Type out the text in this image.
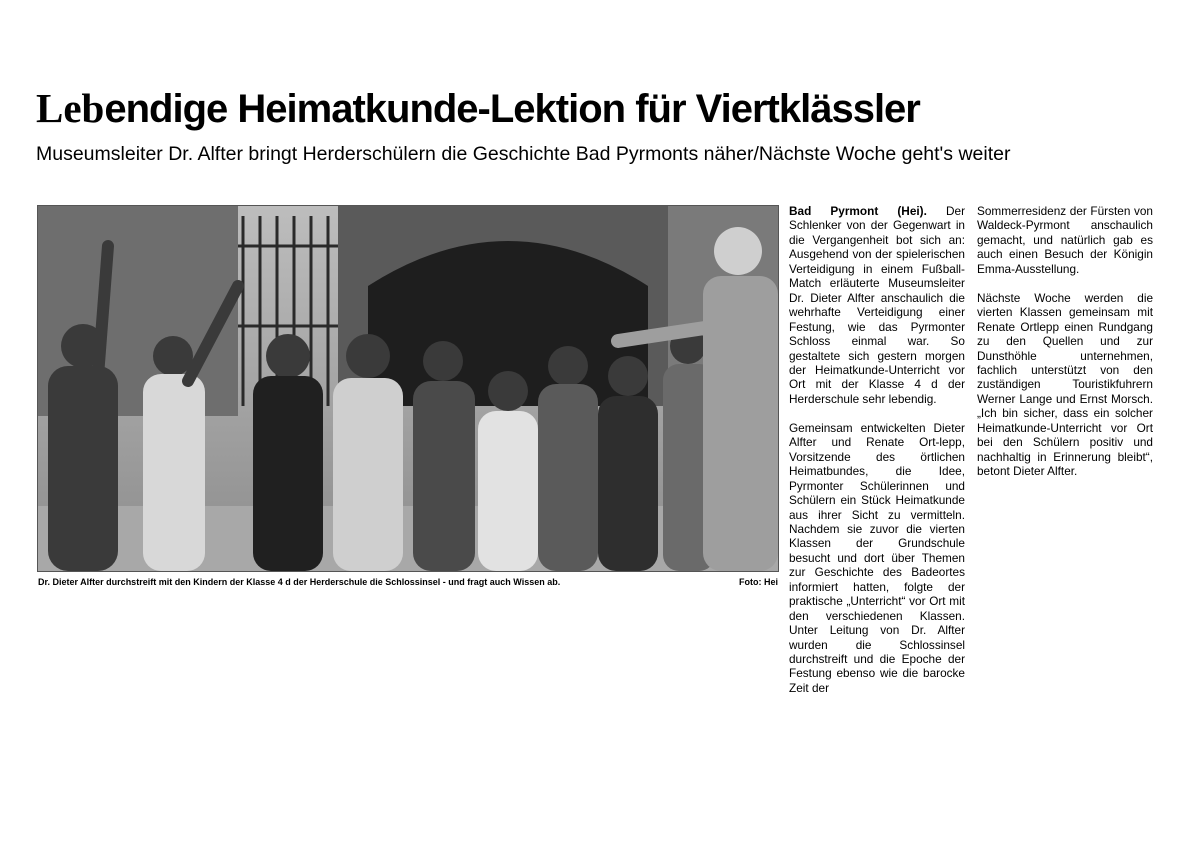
Lebendige Heimatkunde-Lektion für Viertklässler

Museumsleiter Dr. Alfter bringt Herderschülern die Geschichte Bad Pyrmonts näher/Nächste Woche geht's weiter

Dr. Dieter Alfter durchstreift mit den Kindern der Klasse 4 d der Herderschule die Schlossinsel - und fragt auch Wissen ab.	Foto: Hei

Bad Pyrmont (Hei). Der Schlenker von der Gegenwart in die Vergangenheit bot sich an: Ausgehend von der spielerischen Verteidigung in einem Fußball-Match erläuterte Museumsleiter Dr. Dieter Alfter anschaulich die wehrhafte Verteidigung einer Festung, wie das Pyrmonter Schloss einmal war. So gestaltete sich gestern morgen der Heimatkunde-Unterricht vor Ort mit der Klasse 4 d der Herderschule sehr lebendig.

Gemeinsam entwickelten Dieter Alfter und Renate Ort-lepp, Vorsitzende des örtlichen Heimatbundes, die Idee, Pyrmonter Schülerinnen und Schülern ein Stück Heimatkunde aus ihrer Sicht zu vermitteln. Nachdem sie zuvor die vierten Klassen der Grundschule besucht und dort über Themen zur Geschichte des Badeortes informiert hatten, folgte der praktische „Unterricht“ vor Ort mit den verschiedenen Klassen. Unter Leitung von Dr. Alfter wurden die Schlossinsel durchstreift und die Epoche der Festung ebenso wie die barocke Zeit der

Sommerresidenz der Fürsten von Waldeck-Pyrmont anschaulich gemacht, und natürlich gab es auch einen Besuch der Königin Emma-Ausstellung.

Nächste Woche werden die vierten Klassen gemeinsam mit Renate Ortlepp einen Rundgang zu den Quellen und zur Dunsthöhle unternehmen, fachlich unterstützt von den zuständigen Touristikfuhrern Werner Lange und Ernst Morsch. „Ich bin sicher, dass ein solcher Heimatkunde-Unterricht vor Ort bei den Schülern positiv und nachhaltig in Erinnerung bleibt“, betont Dieter Alfter.
